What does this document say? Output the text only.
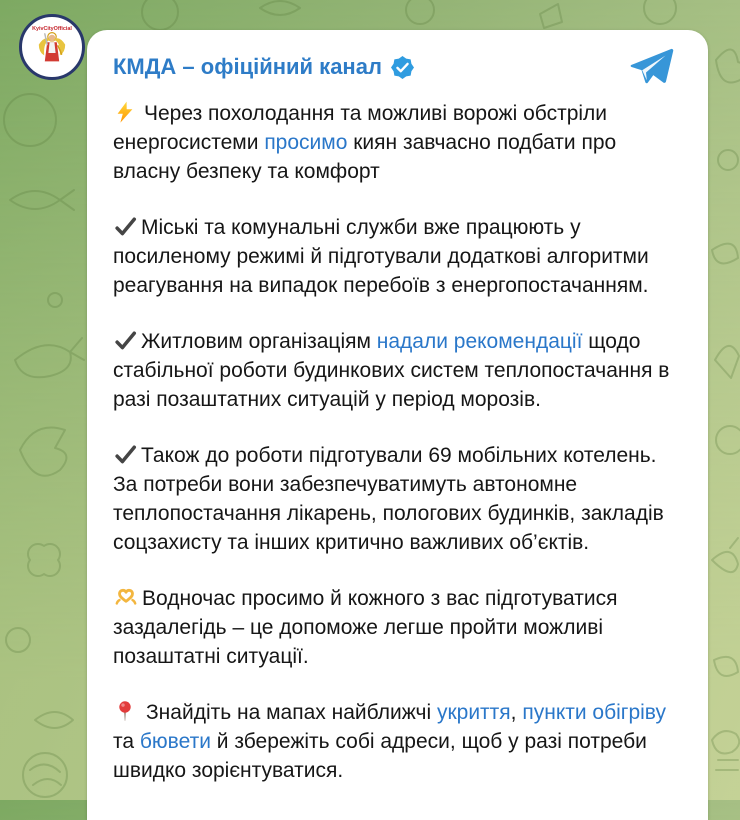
KyivCityOfficial
КМДА – офіційний канал
Через похолодання та можливі ворожі обстріли енергосистеми просимо киян завчасно подбати про власну безпеку та комфорт
Міські та комунальні служби вже працюють у посиленому режимі й підготували додаткові алгоритми реагування на випадок перебоїв з енергопостачанням.
Житловим організаціям надали рекомендації щодо стабільної роботи будинкових систем теплопостачання в разі позаштатних ситуацій у період морозів.
Також до роботи підготували 69 мобільних котелень. За потреби вони забезпечуватимуть автономне теплопостачання лікарень, пологових будинків, закладів соцзахисту та інших критично важливих об’єктів.
Водночас просимо й кожного з вас підготуватися заздалегідь – це допоможе легше пройти можливі позаштатні ситуації.
Знайдіть на мапах найближчі укриття, пункти обігріву та бювети й збережіть собі адреси, щоб у разі потреби швидко зорієнтуватися.
